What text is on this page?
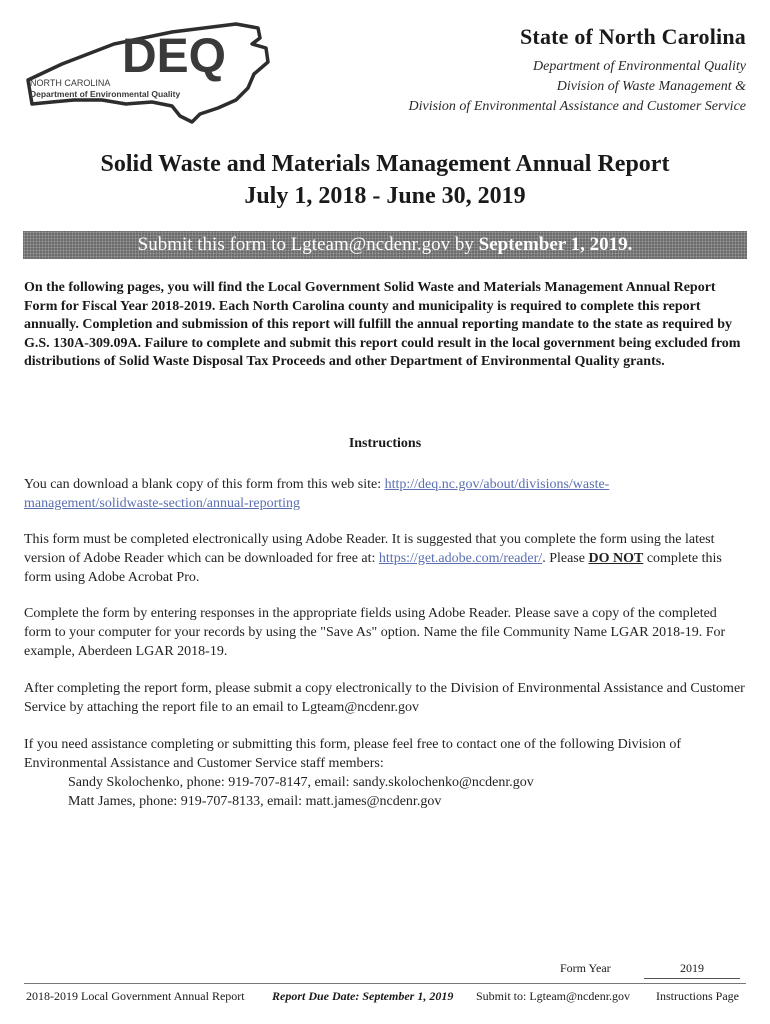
DEQ
NORTH CAROLINA
Department of Environmental Quality
State of North Carolina
Department of Environmental Quality
Division of Waste Management &
Division of Environmental Assistance and Customer Service
Solid Waste and Materials Management Annual Report
July 1, 2018 - June 30, 2019
Submit this form to Lgteam@ncdenr.gov by September 1, 2019.
On the following pages, you will find the Local Government Solid Waste and Materials Management Annual Report Form for Fiscal Year 2018-2019. Each North Carolina county and municipality is required to complete this report annually. Completion and submission of this report will fulfill the annual reporting mandate to the state as required by G.S. 130A-309.09A. Failure to complete and submit this report could result in the local government being excluded from distributions of Solid Waste Disposal Tax Proceeds and other Department of Environmental Quality grants.
Instructions
You can download a blank copy of this form from this web site: http://deq.nc.gov/about/divisions/waste-management/solidwaste-section/annual-reporting
This form must be completed electronically using Adobe Reader. It is suggested that you complete the form using the latest version of Adobe Reader which can be downloaded for free at: https://get.adobe.com/reader/. Please DO NOT complete this form using Adobe Acrobat Pro.
Complete the form by entering responses in the appropriate fields using Adobe Reader. Please save a copy of the completed form to your computer for your records by using the "Save As" option. Name the file Community Name LGAR 2018-19. For example, Aberdeen LGAR 2018-19.
After completing the report form, please submit a copy electronically to the Division of Environmental Assistance and Customer Service by attaching the report file to an email to Lgteam@ncdenr.gov
If you need assistance completing or submitting this form, please feel free to contact one of the following Division of Environmental Assistance and Customer Service staff members:
Sandy Skolochenko, phone: 919-707-8147, email: sandy.skolochenko@ncdenr.gov
Matt James, phone: 919-707-8133, email: matt.james@ncdenr.gov
Form Year	2019
2018-2019 Local Government Annual Report Report Due Date: September 1, 2019 Submit to: Lgteam@ncdenr.gov Instructions Page
